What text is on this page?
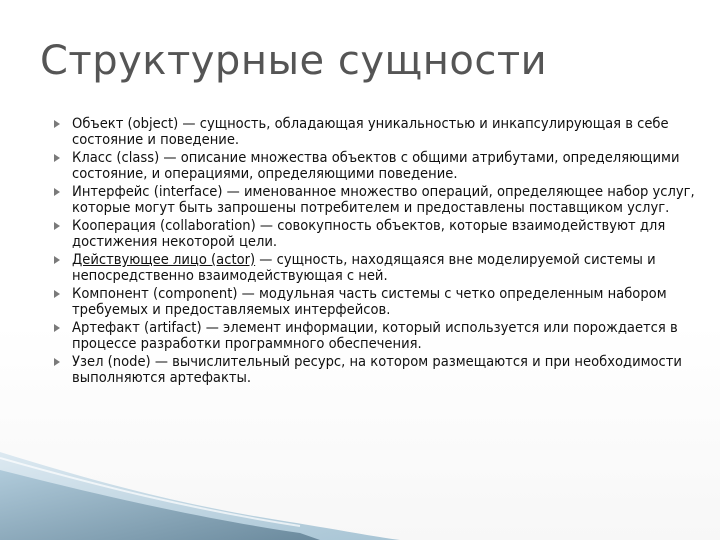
Структурные сущности
Объект (object) — сущность, обладающая уникальностью и инкапсулирующая в себе состояние и поведение.
Класс (class) — описание множества объектов с общими атрибутами, определяющими состояние, и операциями, определяющими поведение.
Интерфейс (interface) — именованное множество операций, определяющее набор услуг, которые могут быть запрошены потребителем и предоставлены поставщиком услуг.
Кооперация (collaboration) — совокупность объектов, которые взаимодействуют для достижения некоторой цели.
Действующее лицо (actor) — сущность, находящаяся вне моделируемой системы и непосредственно взаимодействующая с ней.
Компонент (component) — модульная часть системы с четко определенным набором требуемых и предоставляемых интерфейсов.
Артефакт (artifact) — элемент информации, который используется или порождается в процессе разработки программного обеспечения.
Узел (node) — вычислительный ресурс, на котором размещаются и при необходимости выполняются артефакты.
